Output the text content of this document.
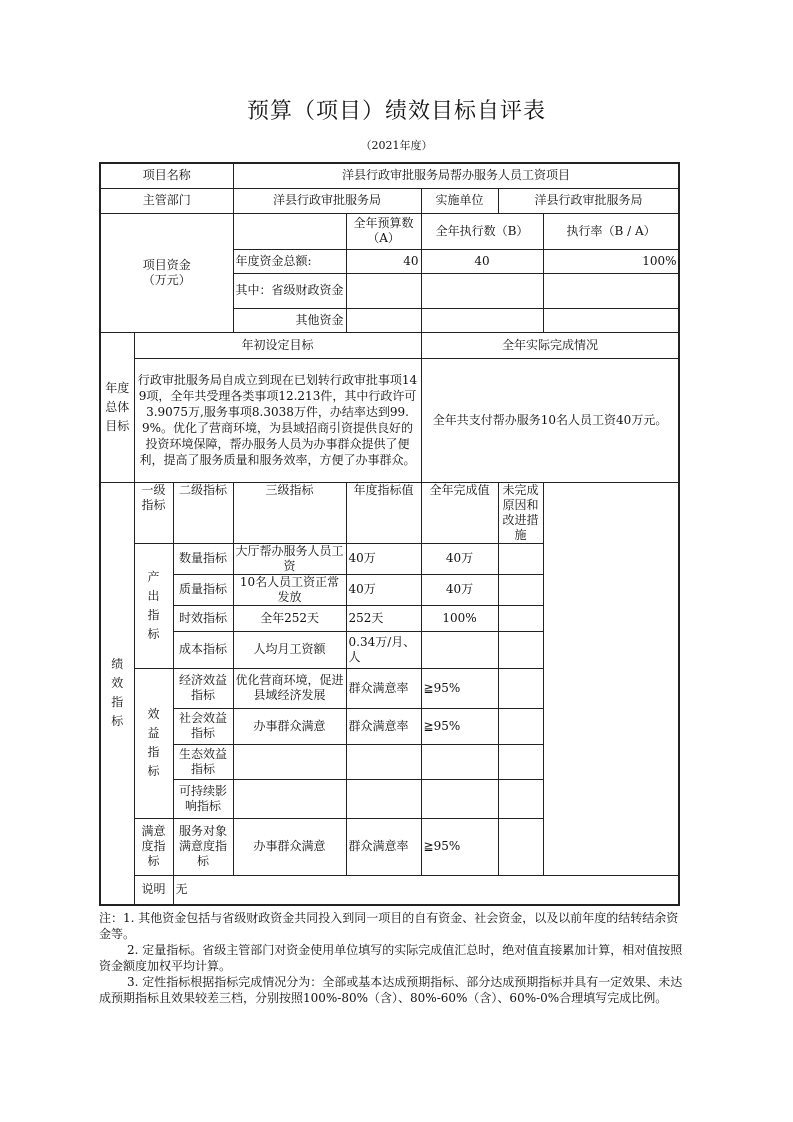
预算（项目）绩效目标自评表
（2021年度）
项目名称			洋县行政审批服务局帮办服务人员工资项目				
主管部门			洋县行政审批服务局		实施单位	洋县行政审批服务局	

项目资金
（万元）				全年预算数（A）	全年执行数（B）		执行率（B / A）
			年度资金总额:	40	40		100%
			其中：省级财政资金				
			其他资金				
年度总体目标	年初设定目标				全年实际完成情况		
	行政审批服务局自成立到现在已划转行政审批事项149项，全年共受理各类事项12.213件，其中行政许可3.9075万,服务事项8.3038万件，办结率达到99.9%。优化了营商环境，为县域招商引资提供良好的投资环境保障，帮办服务人员为办事群众提供了便利，提高了服务质量和服务效率，方便了办事群众。				全年共支付帮办服务10名人员工资40万元。		
绩效指标	一级指标	二级指标	三级指标	年度指标值	全年完成值	未完成原因和改进措施	
	产出指标	数量指标	大厅帮办服务人员工资	40万	40万		
		质量指标	10名人员工资正常发放	40万	40万		
		时效指标	全年252天	252天	100%		
		成本指标	人均月工资额	0.34万/月、人			
	效益指标	经济效益指标	优化营商环境，促进县域经济发展	群众满意率	≧95%		
		社会效益指标	办事群众满意	群众满意率	≧95%		
		生态效益指标					
		可持续影响指标					
	满意度指标	服务对象满意度指标	办事群众满意	群众满意率	≧95%		
	说明	无					

注：1. 其他资金包括与省级财政资金共同投入到同一项目的自有资金、社会资金，以及以前年度的结转结余资金等。

2. 定量指标。省级主管部门对资金使用单位填写的实际完成值汇总时，绝对值直接累加计算，相对值按照资金额度加权平均计算。

3. 定性指标根据指标完成情况分为：全部或基本达成预期指标、部分达成预期指标并具有一定效果、未达成预期指标且效果较差三档，分别按照100%-80%（含）、80%-60%（含）、60%-0%合理填写完成比例。
